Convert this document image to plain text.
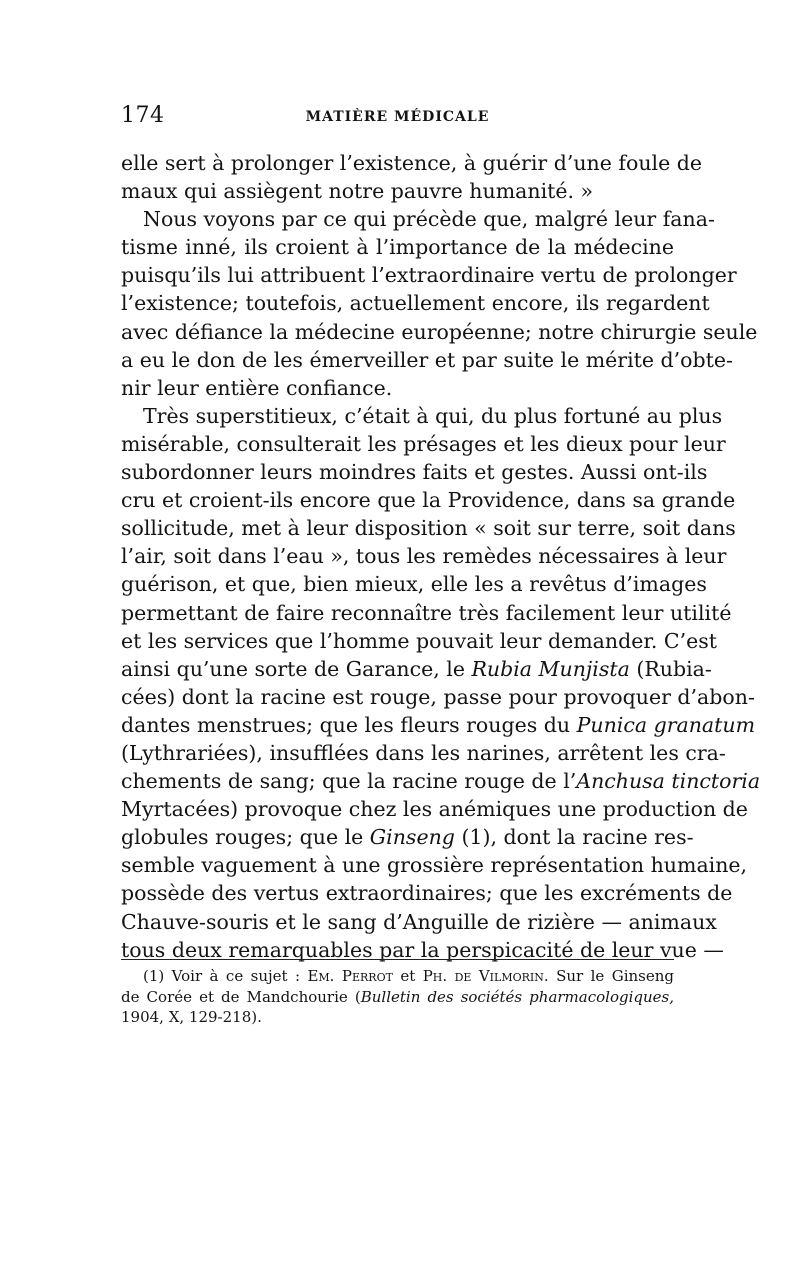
174	MATIÈRE MÉDICALE
elle sert à prolonger l’existence, à guérir d’une foule de
maux qui assiègent notre pauvre humanité. »
Nous voyons par ce qui précède que, malgré leur fana-
tisme inné, ils croient à l’importance de la médecine
puisqu’ils lui attribuent l’extraordinaire vertu de prolonger
l’existence; toutefois, actuellement encore, ils regardent
avec défiance la médecine européenne; notre chirurgie seule
a eu le don de les émerveiller et par suite le mérite d’obte-
nir leur entière confiance.
Très superstitieux, c’était à qui, du plus fortuné au plus
misérable, consulterait les présages et les dieux pour leur
subordonner leurs moindres faits et gestes. Aussi ont-ils
cru et croient-ils encore que la Providence, dans sa grande
sollicitude, met à leur disposition « soit sur terre, soit dans
l’air, soit dans l’eau », tous les remèdes nécessaires à leur
guérison, et que, bien mieux, elle les a revêtus d’images
permettant de faire reconnaître très facilement leur utilité
et les services que l’homme pouvait leur demander. C’est
ainsi qu’une sorte de Garance, le Rubia Munjista (Rubia-
cées) dont la racine est rouge, passe pour provoquer d’abon-
dantes menstrues; que les fleurs rouges du Punica granatum
(Lythrariées), insufflées dans les narines, arrêtent les cra-
chements de sang; que la racine rouge de l’Anchusa tinctoria
Myrtacées) provoque chez les anémiques une production de
globules rouges; que le Ginseng (1), dont la racine res-
semble vaguement à une grossière représentation humaine,
possède des vertus extraordinaires; que les excréments de
Chauve-souris et le sang d’Anguille de rizière — animaux
tous deux remarquables par la perspicacité de leur vue —
(1) Voir à ce sujet : Em. Perrot et Ph. de Vilmorin. Sur le Ginseng
de Corée et de Mandchourie (Bulletin des sociétés pharmacologiques,
1904, X, 129-218).
